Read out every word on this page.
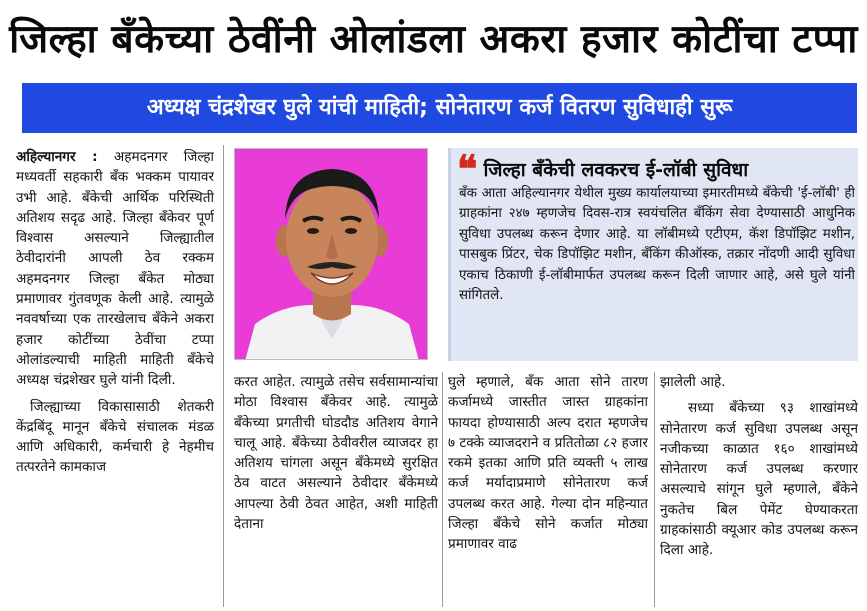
जिल्हा बँकेच्या ठेवींनी ओलांडला अकरा हजार कोटींचा टप्पा
अध्यक्ष चंद्रशेखर घुले यांची माहिती; सोनेतारण कर्ज वितरण सुविधाही सुरू

अहिल्यानगर : अहमदनगर जिल्हा मध्यवर्ती सहकारी बँक भक्कम पायावर उभी आहे. बँकेची आर्थिक परिस्थिती अतिशय सदृढ आहे. जिल्हा बँकेवर पूर्ण विश्वास असल्याने जिल्ह्यातील ठेवीदारांनी आपली ठेव रक्कम अहमदनगर जिल्हा बँकेत मोठ्या प्रमाणावर गुंतवणूक केली आहे. त्यामुळे नववर्षाच्या एक तारखेलाच बँकेने अकरा हजार कोटींच्या ठेवींचा टप्पा ओलांडल्याची माहिती माहिती बँकेचे अध्यक्ष चंद्रशेखर घुले यांनी दिली.

जिल्ह्याच्या विकासासाठी शेतकरी केंद्रबिंदू मानून बँकेचे संचालक मंडळ आणि अधिकारी, कर्मचारी हे नेहमीच तत्परतेने कामकाज

❝ जिल्हा बँकेची लवकरच ई-लॉबी सुविधा

बँक आता अहिल्यानगर येथील मुख्य कार्यालयाच्या इमारतीमध्ये बँकेची 'ई-लॉबी' ही ग्राहकांना २४७ म्हणजेच दिवस-रात्र स्वयंचलित बँकिंग सेवा देण्यासाठी आधुनिक सुविधा उपलब्ध करून देणार आहे. या लॉबीमध्ये एटीएम, कॅश डिपॉझिट मशीन, पासबुक प्रिंटर, चेक डिपॉझिट मशीन, बँकिंग कीऑस्क, तक्रार नोंदणी आदी सुविधा एकाच ठिकाणी ई-लॉबीमार्फत उपलब्ध करून दिली जाणार आहे, असे घुले यांनी सांगितले.

करत आहेत. त्यामुळे तसेच सर्वसामान्यांचा मोठा विश्वास बँकेवर आहे. त्यामुळे बँकेच्या प्रगतीची घोडदौड अतिशय वेगाने चालू आहे. बँकेच्या ठेवीवरील व्याजदर हा अतिशय चांगला असून बँकेमध्ये सुरक्षित ठेव वाटत असल्याने ठेवीदार बँकेमध्ये आपल्या ठेवी ठेवत आहेत, अशी माहिती देताना

घुले म्हणाले, बँक आता सोने तारण कर्जामध्ये जास्तीत जास्त ग्राहकांना फायदा होण्यासाठी अल्प दरात म्हणजेच ७ टक्के व्याजदराने व प्रतितोळा ८२ हजार रकमे इतका आणि प्रति व्यक्ती ५ लाख कर्ज मर्यादाप्रमाणे सोनेतारण कर्ज उपलब्ध करत आहे. गेल्या दोन महिन्यात जिल्हा बँकेचे सोने कर्जात मोठ्या प्रमाणावर वाढ

झालेली आहे.

सध्या बँकेच्या ९३ शाखांमध्ये सोनेतारण कर्ज सुविधा उपलब्ध असून नजीकच्या काळात १६० शाखांमध्ये सोनेतारण कर्ज उपलब्ध करणार असल्याचे सांगून घुले म्हणाले, बँकेने नुकतेच बिल पेमेंट घेण्याकरता ग्राहकांसाठी क्यूआर कोड उपलब्ध करून दिला आहे.
